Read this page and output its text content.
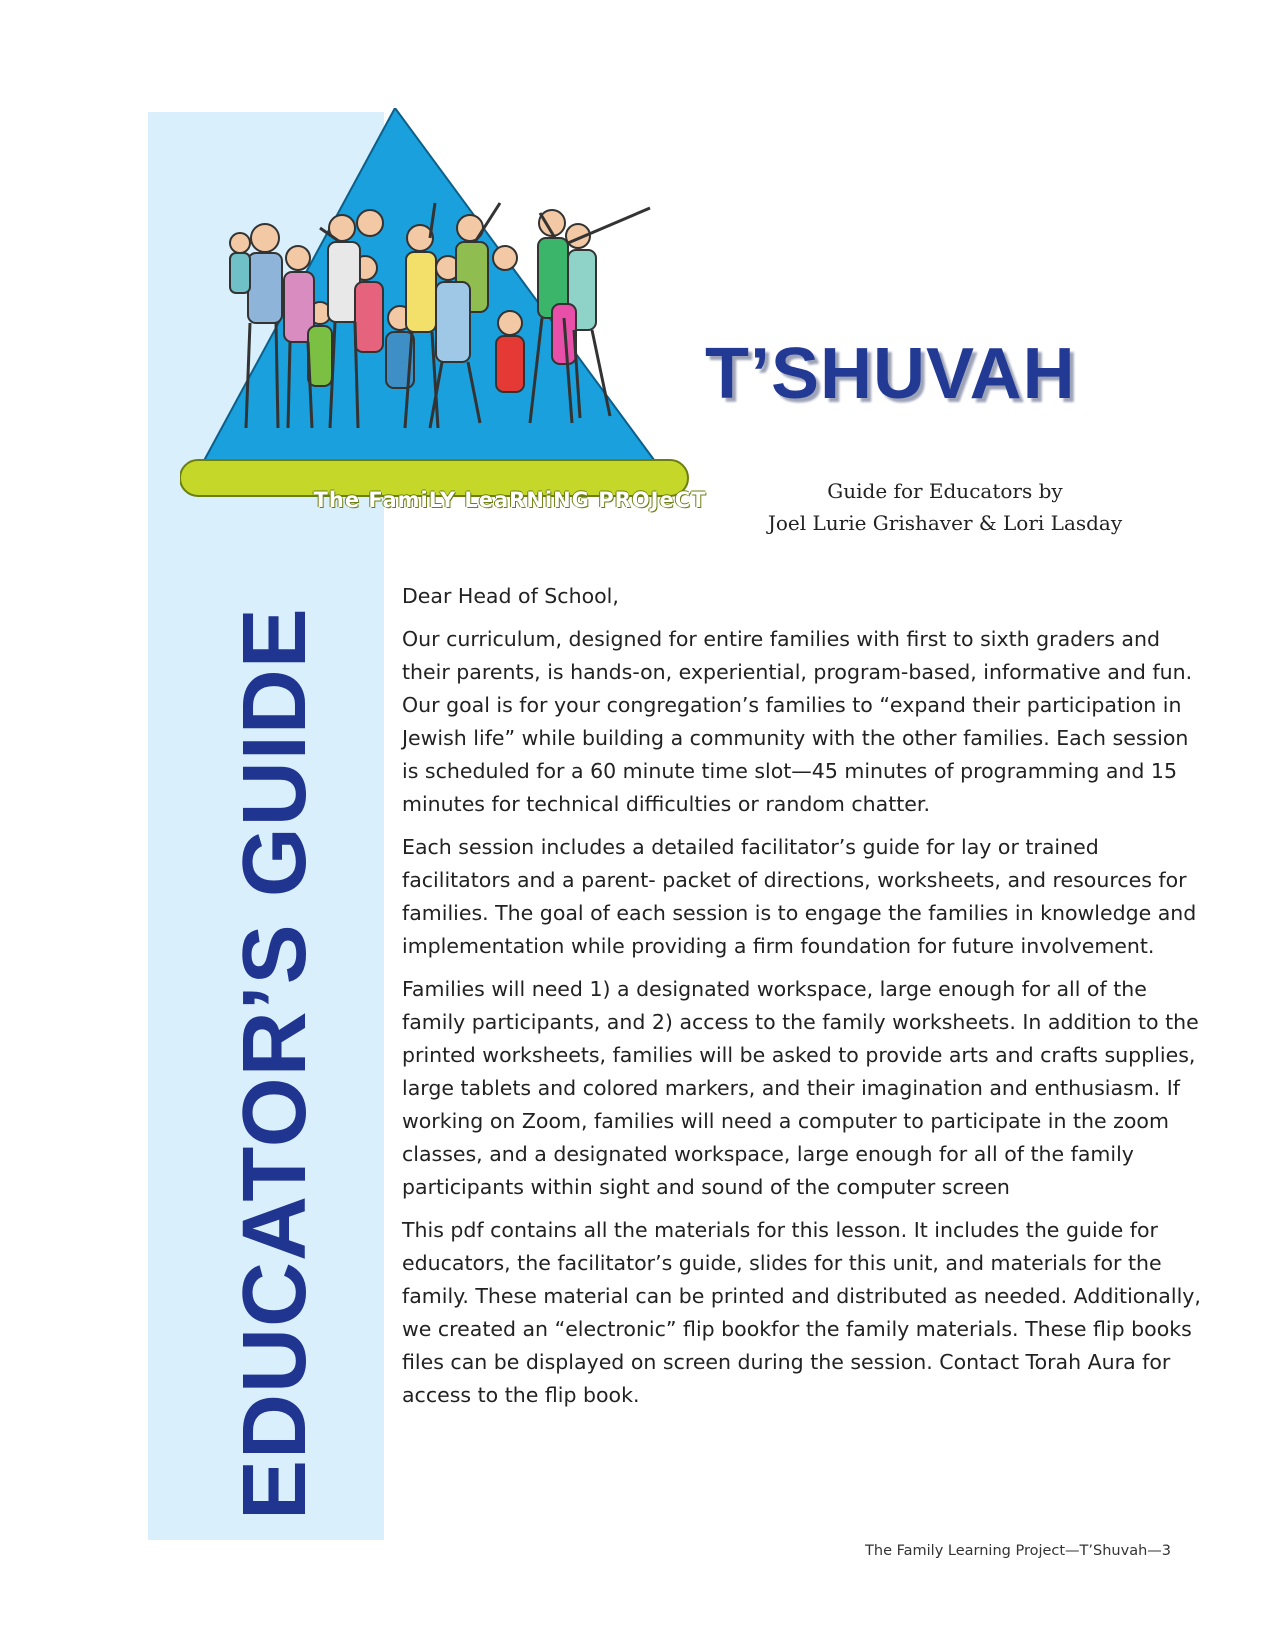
EDUCATOR’S GUIDE
The FamiLY LeaRNiNG PROJeCT
T’SHUVAH
Guide for Educators by
Joel Lurie Grishaver & Lori Lasday

Dear Head of School,

Our curriculum, designed for entire families with first to sixth graders and their parents, is hands-on, experiential, program-based, informative and fun. Our goal is for your congregation’s families to “expand their participation in Jewish life” while building a community with the other families. Each session is scheduled for a 60 minute time slot—45 minutes of programming and 15 minutes for technical difficulties or random chatter.

Each session includes a detailed facilitator’s guide for lay or trained facilitators and a parent- packet of directions, worksheets, and resources for families. The goal of each session is to engage the families in knowledge and implementation while providing a firm foundation for future involvement.

Families will need 1) a designated workspace, large enough for all of the family participants, and 2) access to the family worksheets. In addition to the printed worksheets, families will be asked to provide arts and crafts supplies, large tablets and colored markers, and their imagination and enthusiasm. If working on Zoom, families will need a computer to participate in the zoom classes, and a designated workspace, large enough for all of the family participants within sight and sound of the computer screen

This pdf contains all the materials for this lesson. It includes the guide for educators, the facilitator’s guide, slides for this unit, and materials for the family. These material can be printed and distributed as needed. Additionally, we created an “electronic” flip bookfor the family materials. These flip books files can be displayed on screen during the session. Contact Torah Aura for access to the flip book.

The Family Learning Project—T’Shuvah—3
